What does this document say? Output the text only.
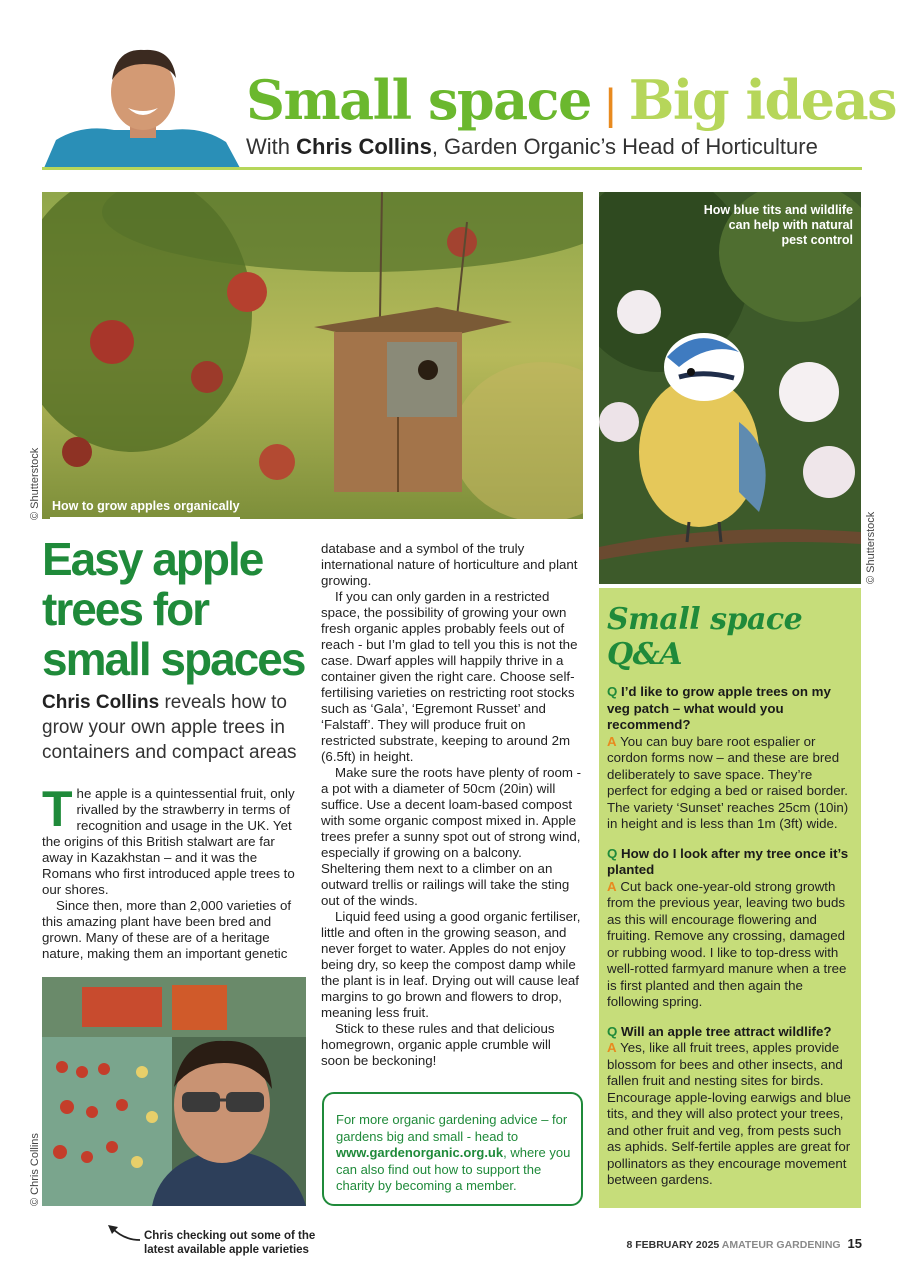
Small space | Big ideas
With Chris Collins, Garden Organic’s Head of Horticulture
How to grow apples organically
© Shutterstock
How blue tits and wildlife can help with natural pest control
© Shutterstock
Easy apple trees for small spaces
Chris Collins reveals how to grow your own apple trees in containers and compact areas

The apple is a quintessential fruit, only rivalled by the strawberry in terms of recognition and usage in the UK. Yet the origins of this British stalwart are far away in Kazakhstan – and it was the Romans who first introduced apple trees to our shores.

Since then, more than 2,000 varieties of this amazing plant have been bred and grown. Many of these are of a heritage nature, making them an important genetic

© Chris Collins

database and a symbol of the truly international nature of horticulture and plant growing.

If you can only garden in a restricted space, the possibility of growing your own fresh organic apples probably feels out of reach - but I’m glad to tell you this is not the case. Dwarf apples will happily thrive in a container given the right care. Choose self-fertilising varieties on restricting root stocks such as ‘Gala’, ‘Egremont Russet’ and ‘Falstaff’. They will produce fruit on restricted substrate, keeping to around 2m (6.5ft) in height.

Make sure the roots have plenty of room - a pot with a diameter of 50cm (20in) will suffice. Use a decent loam-based compost with some organic compost mixed in. Apple trees prefer a sunny spot out of strong wind, especially if growing on a balcony. Sheltering them next to a climber on an outward trellis or railings will take the sting out of the winds.

Liquid feed using a good organic fertiliser, little and often in the growing season, and never forget to water. Apples do not enjoy being dry, so keep the compost damp while the plant is in leaf. Drying out will cause leaf margins to go brown and flowers to drop, meaning less fruit.

Stick to these rules and that delicious homegrown, organic apple crumble will soon be beckoning!

For more organic gardening advice – for gardens big and small - head to www.gardenorganic.org.uk, where you can also find out how to support the charity by becoming a member.
Small space Q&A
Q I’d like to grow apple trees on my veg patch – what would you recommend?
A You can buy bare root espalier or cordon forms now – and these are bred deliberately to save space. They’re perfect for edging a bed or raised border. The variety ‘Sunset’ reaches 25cm (10in) in height and is less than 1m (3ft) wide.
Q How do I look after my tree once it’s planted
A Cut back one-year-old strong growth from the previous year, leaving two buds as this will encourage flowering and fruiting. Remove any crossing, damaged or rubbing wood. I like to top-dress with well-rotted farmyard manure when a tree is first planted and then again the following spring.
Q Will an apple tree attract wildlife?
A Yes, like all fruit trees, apples provide blossom for bees and other insects, and fallen fruit and nesting sites for birds. Encourage apple-loving earwigs and blue tits, and they will also protect your trees, and other fruit and veg, from pests such as aphids. Self-fertile apples are great for pollinators as they encourage movement between gardens.
Chris checking out some of the latest available apple varieties	8 FEBRUARY 2025 AMATEUR GARDENING 15
